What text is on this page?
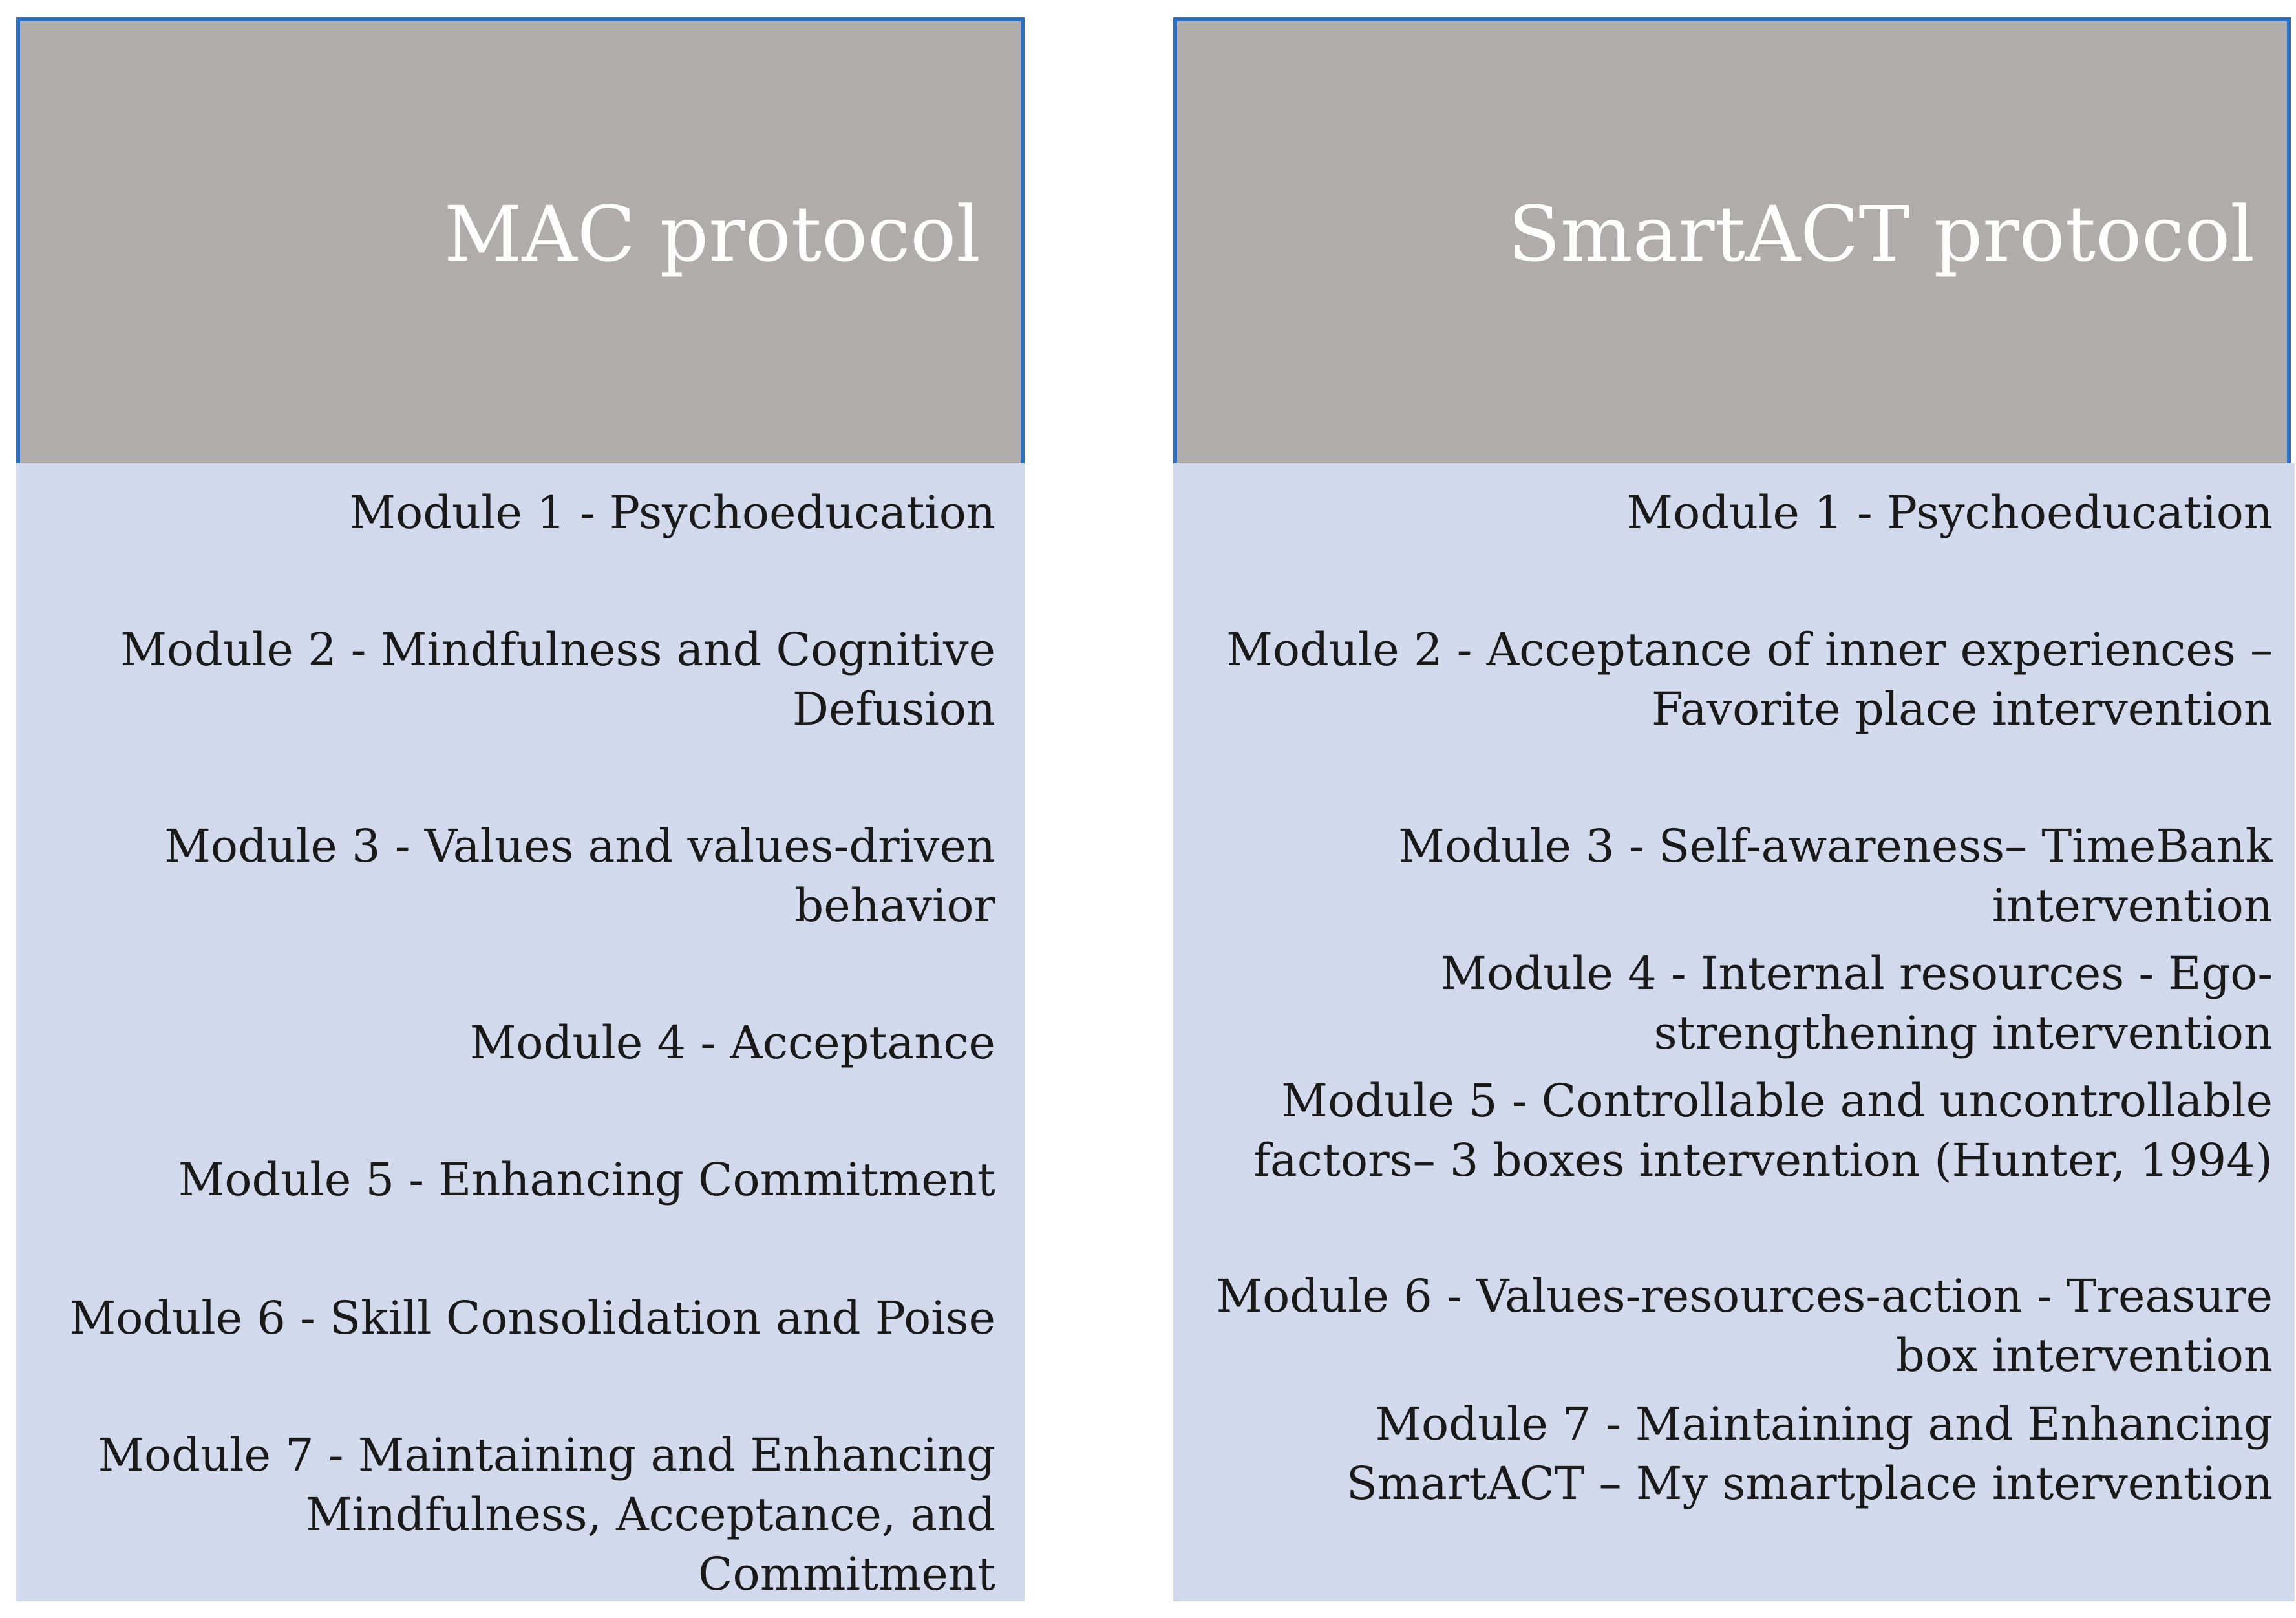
MAC protocol
Module 1 - Psychoeducation
Module 2 - Mindfulness and Cognitive
Defusion
Module 3 - Values and values-driven
behavior
Module 4 - Acceptance
Module 5 - Enhancing Commitment
Module 6 - Skill Consolidation and Poise
Module 7 - Maintaining and Enhancing
Mindfulness, Acceptance, and
Commitment
SmartACT protocol
Module 1 - Psychoeducation
Module 2 - Acceptance of inner experiences –
Favorite place intervention
Module 3 - Self-awareness– TimeBank
intervention
Module 4 - Internal resources - Ego-
strengthening intervention
Module 5 - Controllable and uncontrollable
factors– 3 boxes intervention (Hunter, 1994)
Module 6 - Values-resources-action - Treasure
box intervention
Module 7 - Maintaining and Enhancing
SmartACT – My smartplace intervention
